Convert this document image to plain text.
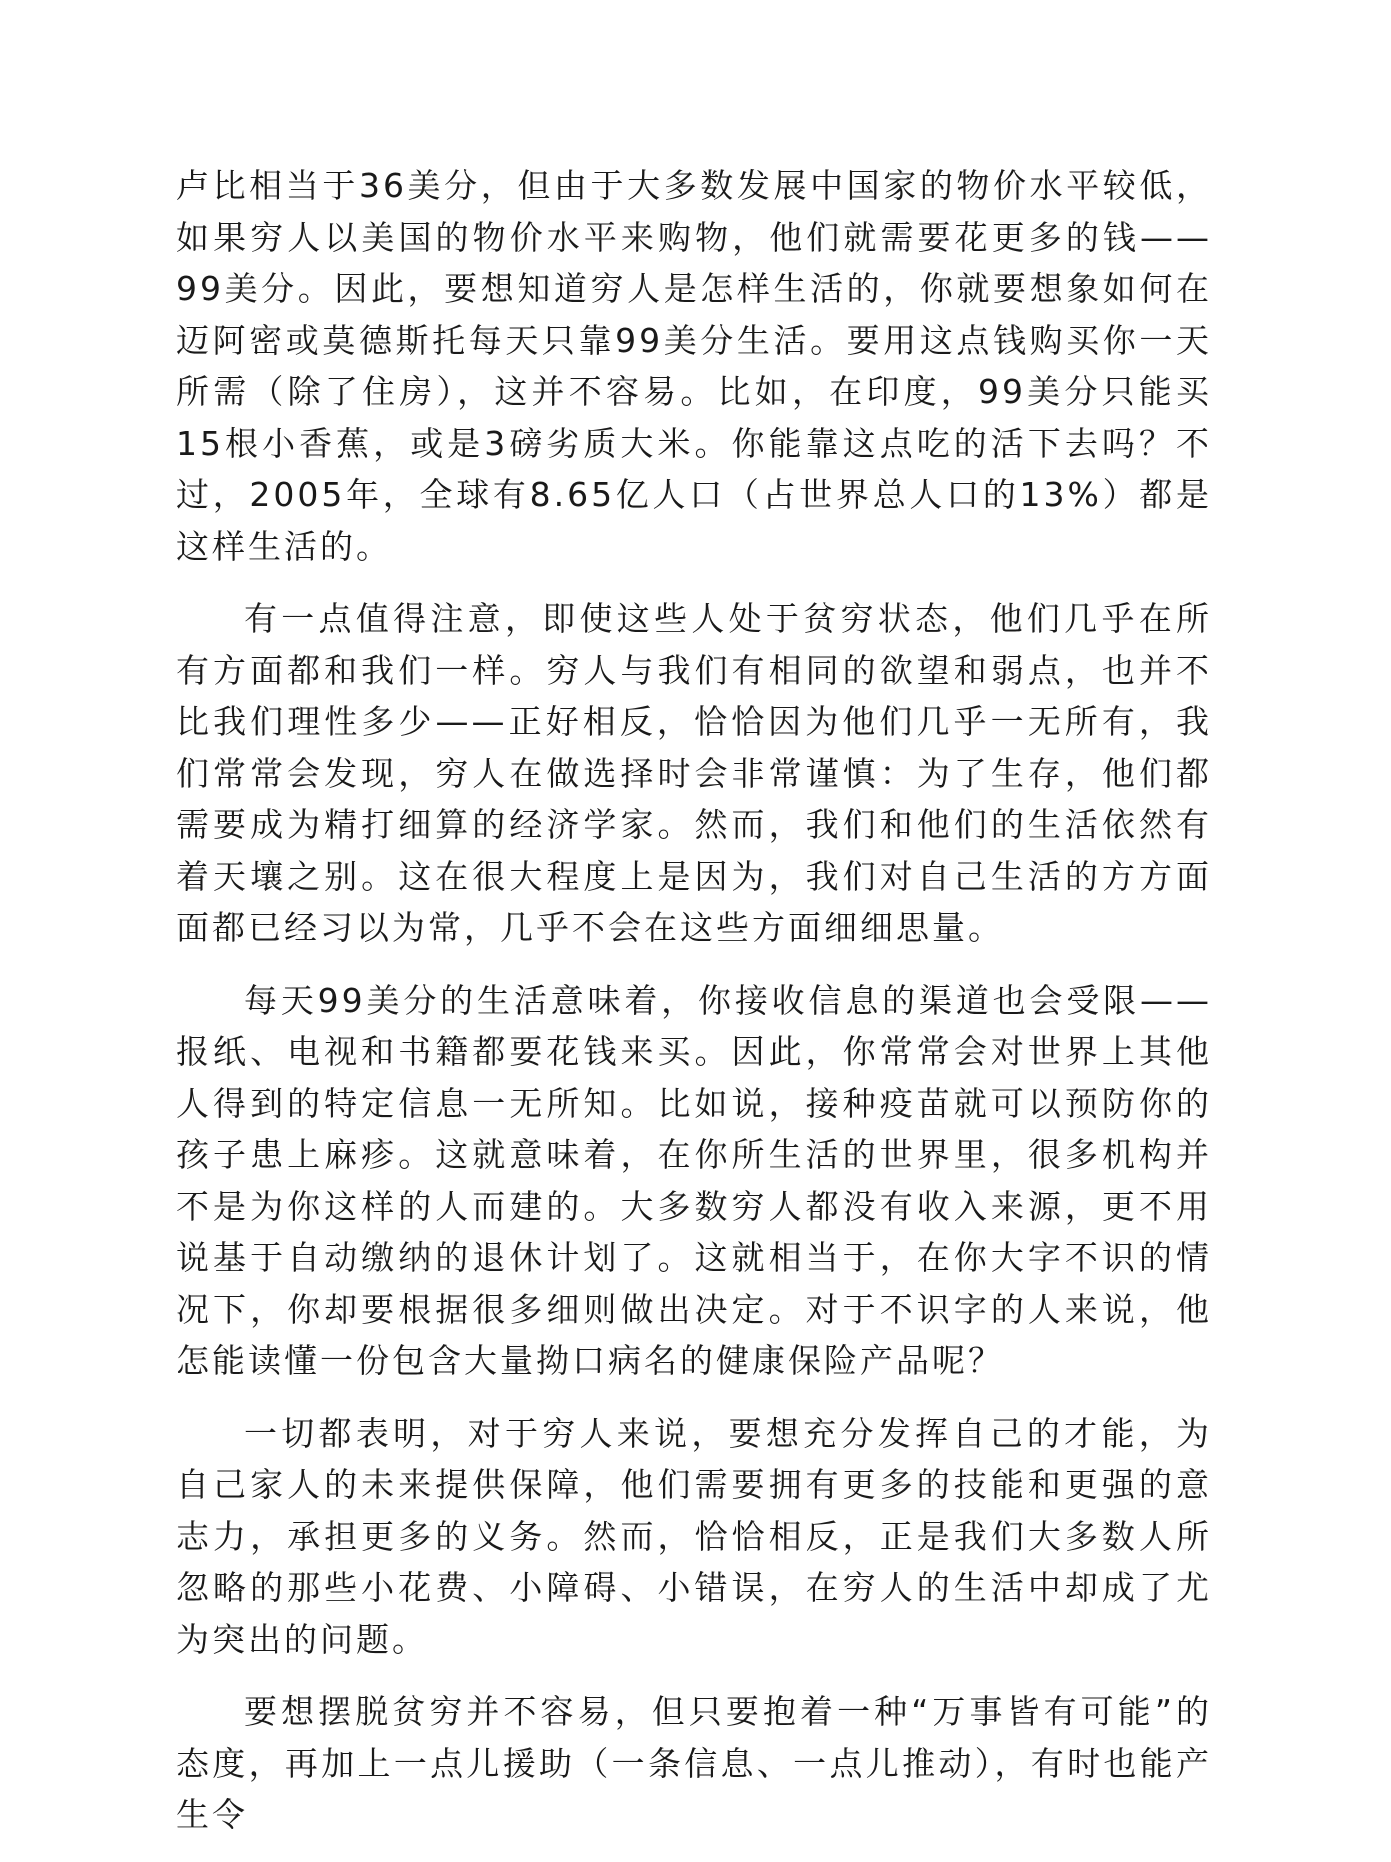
卢比相当于36美分，但由于大多数发展中国家的物价水平较低，如果穷人以美国的物价水平来购物，他们就需要花更多的钱——99美分。因此，要想知道穷人是怎样生活的，你就要想象如何在迈阿密或莫德斯托每天只靠99美分生活。要用这点钱购买你一天所需（除了住房），这并不容易。比如，在印度，99美分只能买15根小香蕉，或是3磅劣质大米。你能靠这点吃的活下去吗？不过，2005年，全球有8.65亿人口（占世界总人口的13%）都是这样生活的。

有一点值得注意，即使这些人处于贫穷状态，他们几乎在所有方面都和我们一样。穷人与我们有相同的欲望和弱点，也并不比我们理性多少——正好相反，恰恰因为他们几乎一无所有，我们常常会发现，穷人在做选择时会非常谨慎：为了生存，他们都需要成为精打细算的经济学家。然而，我们和他们的生活依然有着天壤之别。这在很大程度上是因为，我们对自己生活的方方面面都已经习以为常，几乎不会在这些方面细细思量。

每天99美分的生活意味着，你接收信息的渠道也会受限——报纸、电视和书籍都要花钱来买。因此，你常常会对世界上其他人得到的特定信息一无所知。比如说，接种疫苗就可以预防你的孩子患上麻疹。这就意味着，在你所生活的世界里，很多机构并不是为你这样的人而建的。大多数穷人都没有收入来源，更不用说基于自动缴纳的退休计划了。这就相当于，在你大字不识的情况下，你却要根据很多细则做出决定。对于不识字的人来说，他怎能读懂一份包含大量拗口病名的健康保险产品呢？

一切都表明，对于穷人来说，要想充分发挥自己的才能，为自己家人的未来提供保障，他们需要拥有更多的技能和更强的意志力，承担更多的义务。然而，恰恰相反，正是我们大多数人所忽略的那些小花费、小障碍、小错误，在穷人的生活中却成了尤为突出的问题。

要想摆脱贫穷并不容易，但只要抱着一种“万事皆有可能”的态度，再加上一点儿援助（一条信息、一点儿推动），有时也能产生令
